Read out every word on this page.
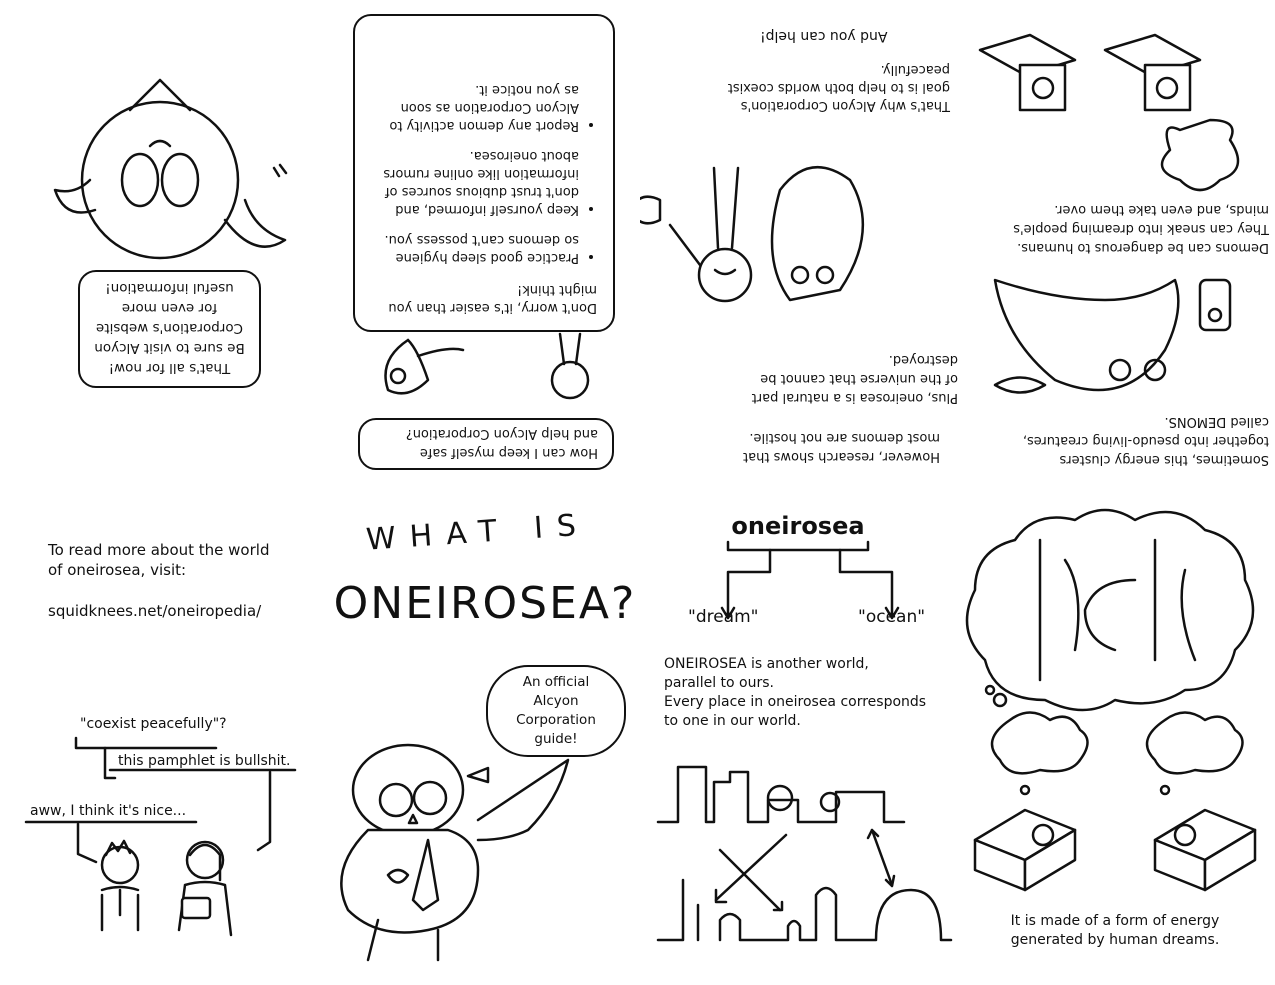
That's all for now!
Be sure to visit Alcyon
Corporation's website
for even more
useful information!
Don't worry, it's easier than you
might think!
• Practice good sleep hygiene
so demons can't possess you.
• Keep yourself informed, and
don't trust dubious sources of
information like online rumors
about oneirosea.
• Report any demon activity to
Alcyon Corporation as soon
as you notice it.
How can I keep myself safe
and help Alcyon Corporation?
And you can help!
That's why Alcyon Corporation's
goal is to help both worlds coexist
peacefully.
Plus, oneirosea is a natural part
of the universe that cannot be
destroyed.
However, research shows that
most demons are not hostile.
Demons can be dangerous to humans.
They can sneak into dreaming people's
minds, and even take them over.
Sometimes, this energy clusters
together into pseudo-living creatures,
called DEMONS.
To read more about the world
of oneirosea, visit:
squidknees.net/oneiropedia/
"coexist peacefully"?
this pamphlet is bullshit.
aww, I think it's nice...
WHAT IS
ONEIROSEA?
An official
Alcyon
Corporation
guide!
oneirosea
"dream"	"ocean"
ONEIROSEA is another world,
parallel to ours.
Every place in oneirosea corresponds
to one in our world.
It is made of a form of energy
generated by human dreams.
